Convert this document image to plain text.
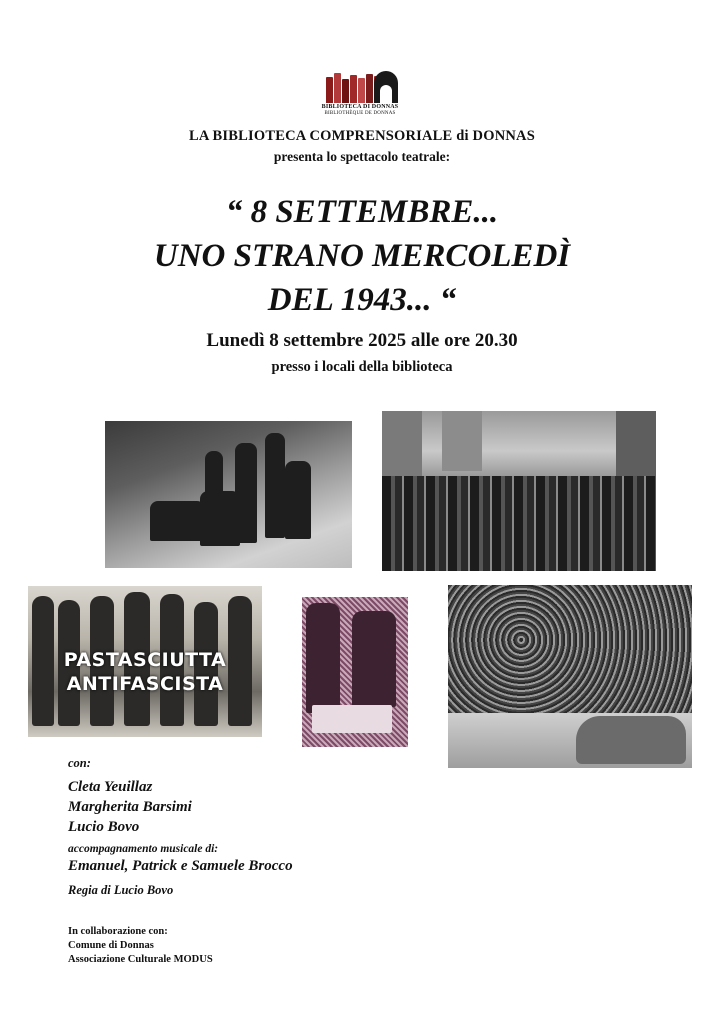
BIBLIOTECA DI DONNAS
BIBLIOTHÈQUE DE DONNAS
LA BIBLIOTECA COMPRENSORIALE di DONNAS
presenta lo spettacolo teatrale:
“ 8 SETTEMBRE...
UNO STRANO MERCOLEDÌ
DEL 1943... “
Lunedì 8 settembre 2025 alle ore 20.30
presso i locali della biblioteca
PASTASCIUTTA
ANTIFASCISTA
con:
Cleta Yeuillaz
Margherita Barsimi
Lucio Bovo
accompagnamento musicale di:
Emanuel, Patrick e Samuele Brocco
Regia di Lucio Bovo
In collaborazione con:
Comune di Donnas
Associazione Culturale MODUS
